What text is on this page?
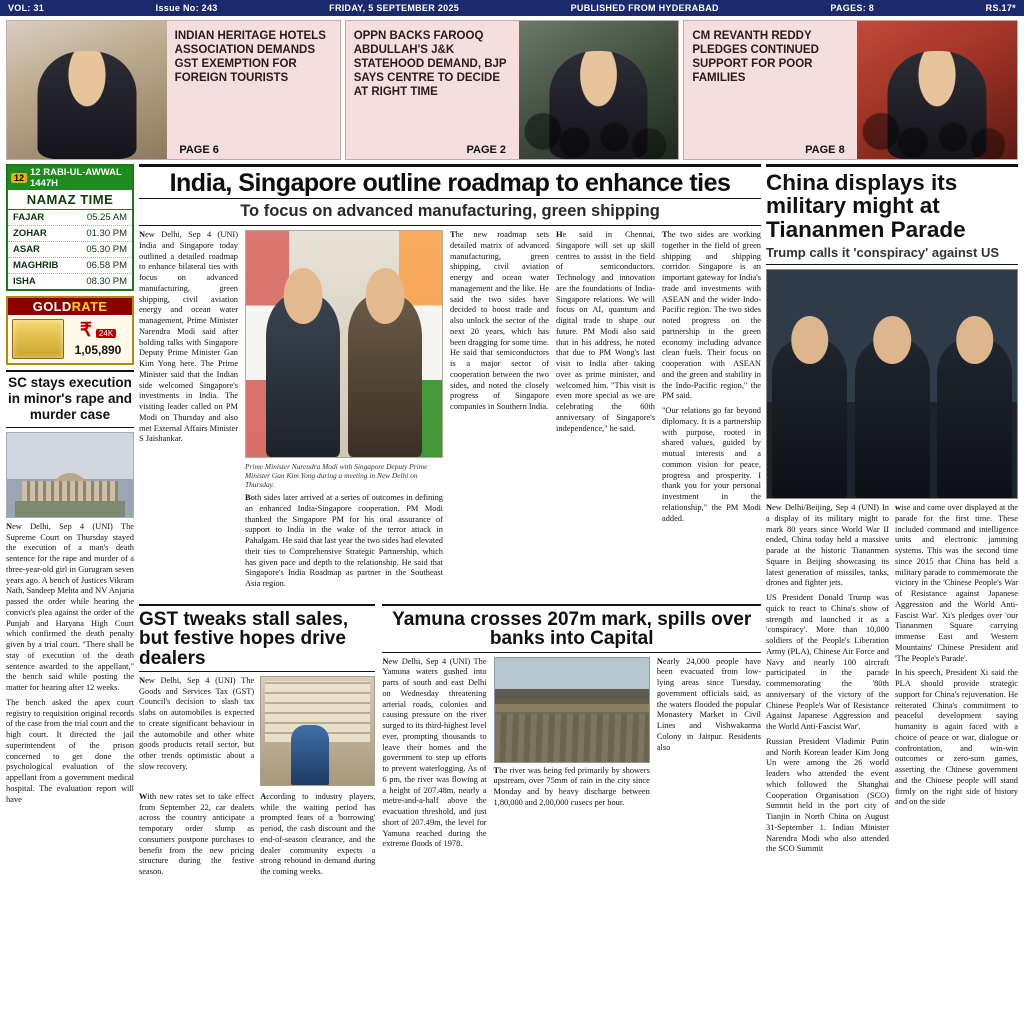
VOL: 31	Issue No: 243	FRIDAY, 5 SEPTEMBER 2025	PUBLISHED FROM HYDERABAD	PAGES: 8	RS.17*
INDIAN HERITAGE HOTELS ASSOCIATION DEMANDS GST EXEMPTION FOR FOREIGN TOURISTS
PAGE 6
OPPN BACKS FAROOQ ABDULLAH'S J&K STATEHOOD DEMAND, BJP SAYS CENTRE TO DECIDE AT RIGHT TIME
PAGE 2
CM REVANTH REDDY PLEDGES CONTINUED SUPPORT FOR POOR FAMILIES
PAGE 8
12 12 RABI-UL-AWWAL 1447H
NAMAZ TIME
FAJAR	05.25 AM
ZOHAR	01.30 PM
ASAR	05.30 PM
MAGHRIB	06.58 PM
ISHA	08.30 PM
GOLDRATE
₹ 24K
1,05,890
SC stays execution in minor's rape and murder case

New Delhi, Sep 4 (UNI) The Supreme Court on Thursday stayed the execution of a man's death sentence for the rape and murder of a three-year-old girl in Gurugram seven years ago. A bench of Justices Vikram Nath, Sandeep Mehta and NV Anjaria passed the order while hearing the convict's plea against the order of the Punjab and Haryana High Court which confirmed the death penalty given by a trial court. "There shall be stay of execution of the death sentence awarded to the appellant," the bench said while posting the matter for hearing after 12 weeks.

The bench asked the apex court registry to requisition original records of the case from the trial court and the high court. It directed the jail superintendent of the prison concerned to get done the psychological evaluation of the appellant from a government medical hospital. The evaluation report will have

India, Singapore outline roadmap to enhance ties
To focus on advanced manufacturing, green shipping

New Delhi, Sep 4 (UNI) India and Singapore today outlined a detailed roadmap to enhance bilateral ties with focus on advanced manufacturing, green shipping, civil aviation energy and ocean water management, Prime Minister Narendra Modi said after holding talks with Singapore Deputy Prime Minister Gan Kim Yong here. The Prime Minister said that the Indian side welcomed Singapore's investments in India. The visiting leader called on PM Modi on Thursday and also met External Affairs Minister S Jaishankar.

Prime Minister Narendra Modi with Singapore Deputy Prime Minister Gan Kim Yong during a meeting in New Delhi on Thursday.

Both sides later arrived at a series of outcomes in defining an enhanced India-Singapore cooperation. PM Modi thanked the Singapore PM for his oral assurance of support to India in the wake of the terror attack in Pahalgam. He said that last year the two sides had elevated their ties to Comprehensive Strategic Partnership, which has given pace and depth to the relationship. He said that Singapore's India Roadmap as partner in the Southeast Asia region.

The new roadmap sets detailed matrix of advanced manufacturing, green shipping, civil aviation energy and ocean water management and the like. He said the two sides have decided to boost trade and also unlock the sector of the next 20 years, which has been dragging for some time. He said that semiconductors is a major sector of cooperation between the two sides, and noted the closely progress of Singapore companies in Southern India.

He said in Chennai, Singapore will set up skill centres to assist in the field of semiconductors. Technology and innovation are the foundations of India-Singapore relations. We will focus on AI, quantum and digital trade to shape our future. PM Modi also said that in his address, he noted that due to PM Wong's last visit to India after taking over as prime minister, and welcomed him. "This visit is even more special as we are celebrating the 60th anniversary of Singapore's independence," he said.

The two sides are working together in the field of green shipping and shipping corridor. Singapore is an important gateway for India's trade and investments with ASEAN and the wider Indo-Pacific region. The two sides noted progress on the partnership in the green economy including advance clean fuels. Their focus on cooperation with ASEAN and the green and stability in the Indo-Pacific region," the PM said.

"Our relations go far beyond diplomacy. It is a partnership with purpose, rooted in shared values, guided by mutual interests and a common vision for peace, progress and prosperity. I thank you for your personal investment in the relationship," the PM Modi added.

GST tweaks stall sales, but festive hopes drive dealers

New Delhi, Sep 4 (UNI) The Goods and Services Tax (GST) Council's decision to slash tax slabs on automobiles is expected to create significant behaviour in the automobile and other white goods products retail sector, but other trends optimistic about a slow recovery.

With new rates set to take effect from September 22, car dealers across the country anticipate a temporary order slump as consumers postpone purchases to benefit from the new pricing structure during the festive season.

According to industry players, while the waiting period has prompted fears of a 'borrowing' period, the cash discount and the end-of-season clearance, and the dealer community expects a strong rebound in demand during the coming weeks.

Yamuna crosses 207m mark, spills over banks into Capital

New Delhi, Sep 4 (UNI) The Yamuna waters gushed into parts of south and east Delhi on Wednesday threatening arterial roads, colonies and causing pressure on the river surged to its third-highest level ever, prompting thousands to leave their homes and the government to step up efforts to prevent waterlogging. As of 6 pm, the river was flowing at a height of 207.48m, nearly a metre-and-a-half above the evacuation threshold, and just short of 207.49m, the level for Yamuna reached during the extreme floods of 1978.

The river was being fed primarily by showers upstream, over 75mm of rain in the city since Monday and by heavy discharge between 1,80,000 and 2,00,000 cusecs per hour.

Nearly 24,000 people have been evacuated from low-lying areas since Tuesday, government officials said, as the waters flooded the popular Monastery Market in Civil Lines and Vishwakarma Colony in Jaitpur. Residents also

China displays its military might at Tiananmen Parade
Trump calls it 'conspiracy' against US

New Delhi/Beijing, Sep 4 (UNI) In a display of its military might to mark 80 years since World War II ended, China today held a massive parade at the historic Tiananmen Square in Beijing showcasing its latest generation of missiles, tanks, drones and fighter jets.

US President Donald Trump was quick to react to China's show of strength and launched it as a 'conspiracy'. More than 10,000 soldiers of the People's Liberation Army (PLA), Chinese Air Force and Navy and nearly 100 aircraft participated in the parade commemorating the '80th anniversary of the victory of the Chinese People's War of Resistance Against Japanese Aggression and the World Anti-Fascist War'.

Russian President Vladimir Putin and North Korean leader Kim Jong Un were among the 26 world leaders who attended the event which followed the Shanghai Cooperation Organisation (SCO) Summit held in the port city of Tianjin in North China on August 31-September 1. Indian Minister Narendra Modi who also attended the SCO Summit

wise and came over displayed at the parade for the first time. These included command and intelligence units and electronic jamming systems. This was the second time since 2015 that China has held a military parade to commemorate the victory in the 'Chinese People's War of Resistance against Japanese Aggression and the World Anti-Fascist War'. Xi's pledges over 'our Tiananmen Square carrying immense East and Western Mountains' Chinese President and 'The People's Parade'.

In his speech, President Xi said the PLA should provide strategic support for China's rejuvenation. He reiterated China's commitment to peaceful development saying humanity is again faced with a choice of peace or war, dialogue or confrontation, and win-win outcomes or zero-sum games, asserting the Chinese government and the Chinese people will stand firmly on the right side of history and on the side
